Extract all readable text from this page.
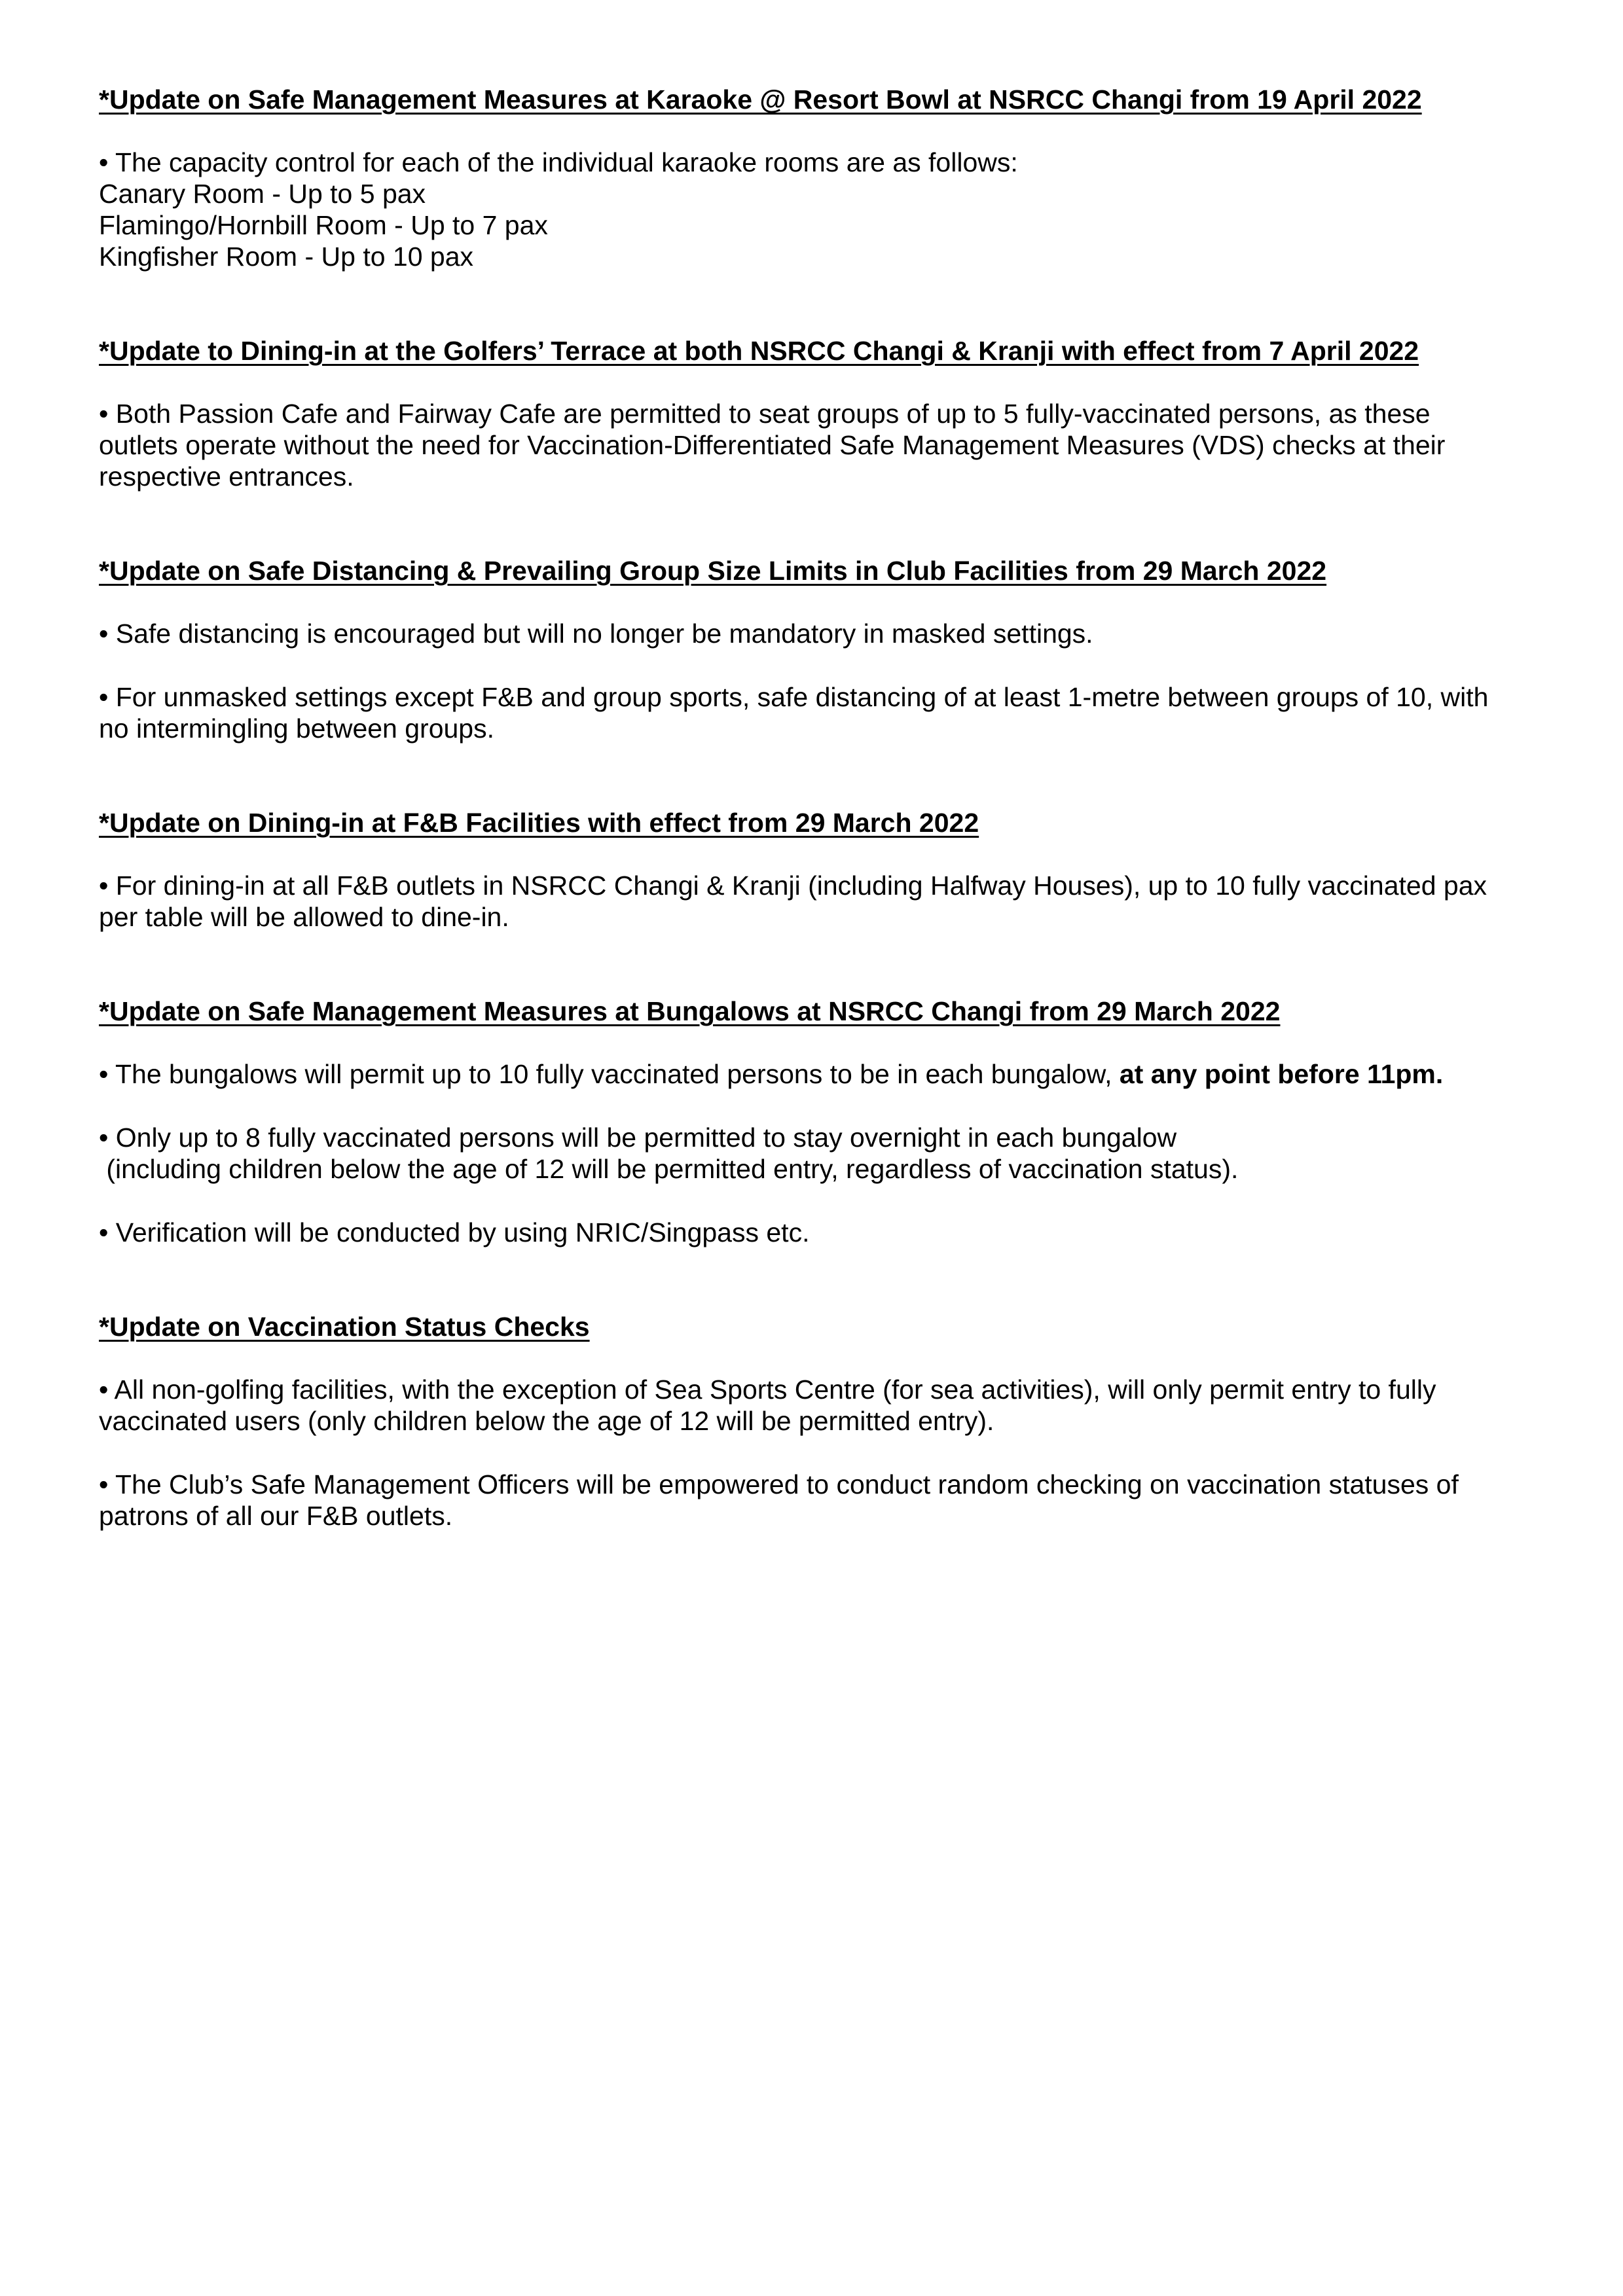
*Update on Safe Management Measures at Karaoke @ Resort Bowl at NSRCC Changi from 19 April 2022

• The capacity control for each of the individual karaoke rooms are as follows:
Canary Room - Up to 5 pax
Flamingo/Hornbill Room - Up to 7 pax
Kingfisher Room - Up to 10 pax

*Update to Dining-in at the Golfers’ Terrace at both NSRCC Changi & Kranji with effect from 7 April 2022

• Both Passion Cafe and Fairway Cafe are permitted to seat groups of up to 5 fully-vaccinated persons, as these
outlets operate without the need for Vaccination-Differentiated Safe Management Measures (VDS) checks at their
respective entrances.

*Update on Safe Distancing & Prevailing Group Size Limits in Club Facilities from 29 March 2022

• Safe distancing is encouraged but will no longer be mandatory in masked settings.

• For unmasked settings except F&B and group sports, safe distancing of at least 1-metre between groups of 10, with
no intermingling between groups.

*Update on Dining-in at F&B Facilities with effect from 29 March 2022

• For dining-in at all F&B outlets in NSRCC Changi & Kranji (including Halfway Houses), up to 10 fully vaccinated pax
per table will be allowed to dine-in.

*Update on Safe Management Measures at Bungalows at NSRCC Changi from 29 March 2022

• The bungalows will permit up to 10 fully vaccinated persons to be in each bungalow, at any point before 11pm.

• Only up to 8 fully vaccinated persons will be permitted to stay overnight in each bungalow
(including children below the age of 12 will be permitted entry, regardless of vaccination status).

• Verification will be conducted by using NRIC/Singpass etc.

*Update on Vaccination Status Checks

• All non-golfing facilities, with the exception of Sea Sports Centre (for sea activities), will only permit entry to fully
vaccinated users (only children below the age of 12 will be permitted entry).

• The Club’s Safe Management Officers will be empowered to conduct random checking on vaccination statuses of
patrons of all our F&B outlets.
